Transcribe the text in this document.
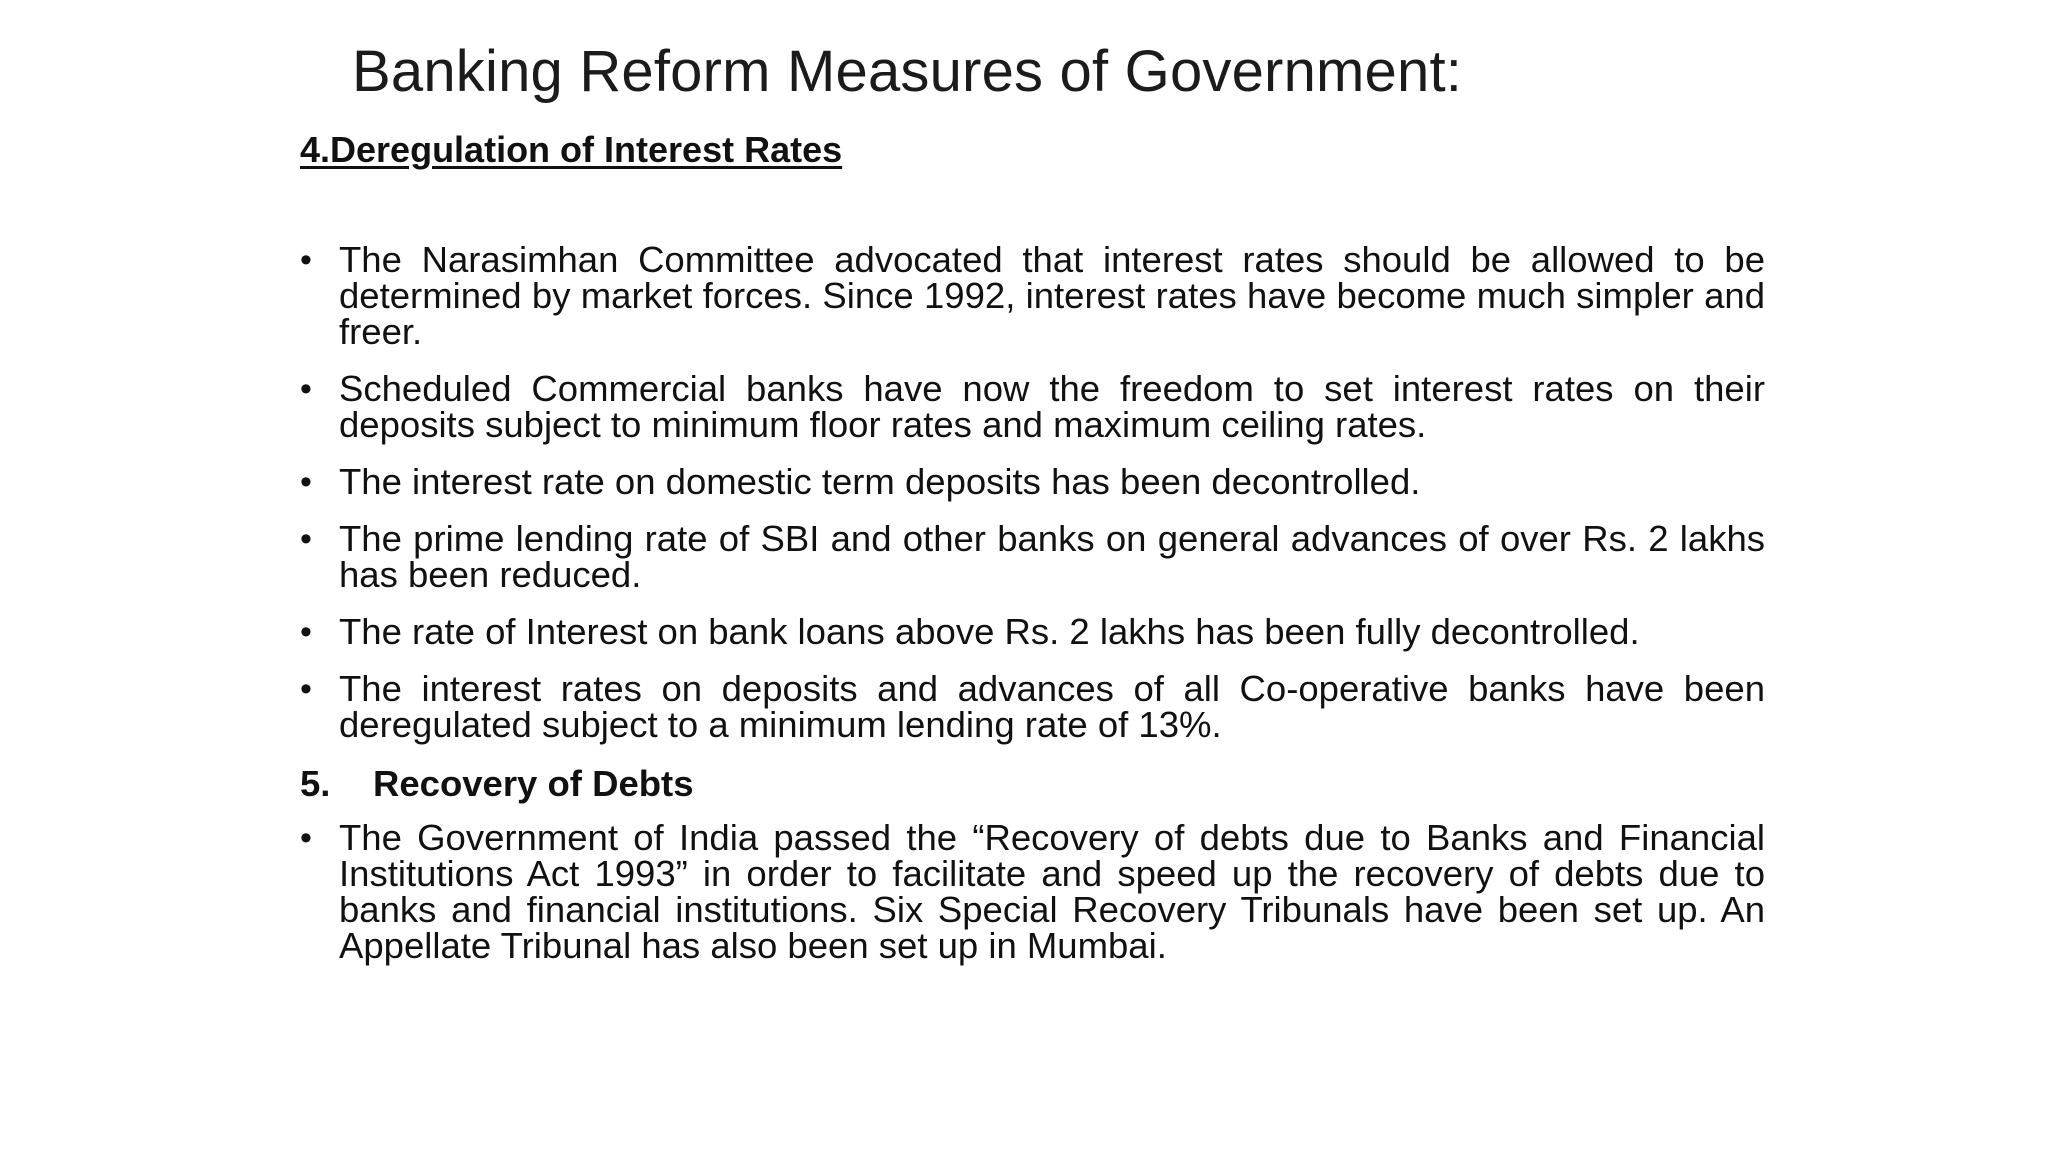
Banking Reform Measures of Government:
4.Deregulation of Interest Rates
• The Narasimhan Committee advocated that interest rates should be allowed to be determined by market forces. Since 1992, interest rates have become much simpler and freer.
• Scheduled Commercial banks have now the freedom to set interest rates on their deposits subject to minimum floor rates and maximum ceiling rates.
• The interest rate on domestic term deposits has been decontrolled.
• The prime lending rate of SBI and other banks on general advances of over Rs. 2 lakhs has been reduced.
• The rate of Interest on bank loans above Rs. 2 lakhs has been fully decontrolled.
• The interest rates on deposits and advances of all Co-operative banks have been deregulated subject to a minimum lending rate of 13%.
5.	Recovery of Debts
• The Government of India passed the “Recovery of debts due to Banks and Financial Institutions Act 1993” in order to facilitate and speed up the recovery of debts due to banks and financial institutions. Six Special Recovery Tribunals have been set up. An Appellate Tribunal has also been set up in Mumbai.
